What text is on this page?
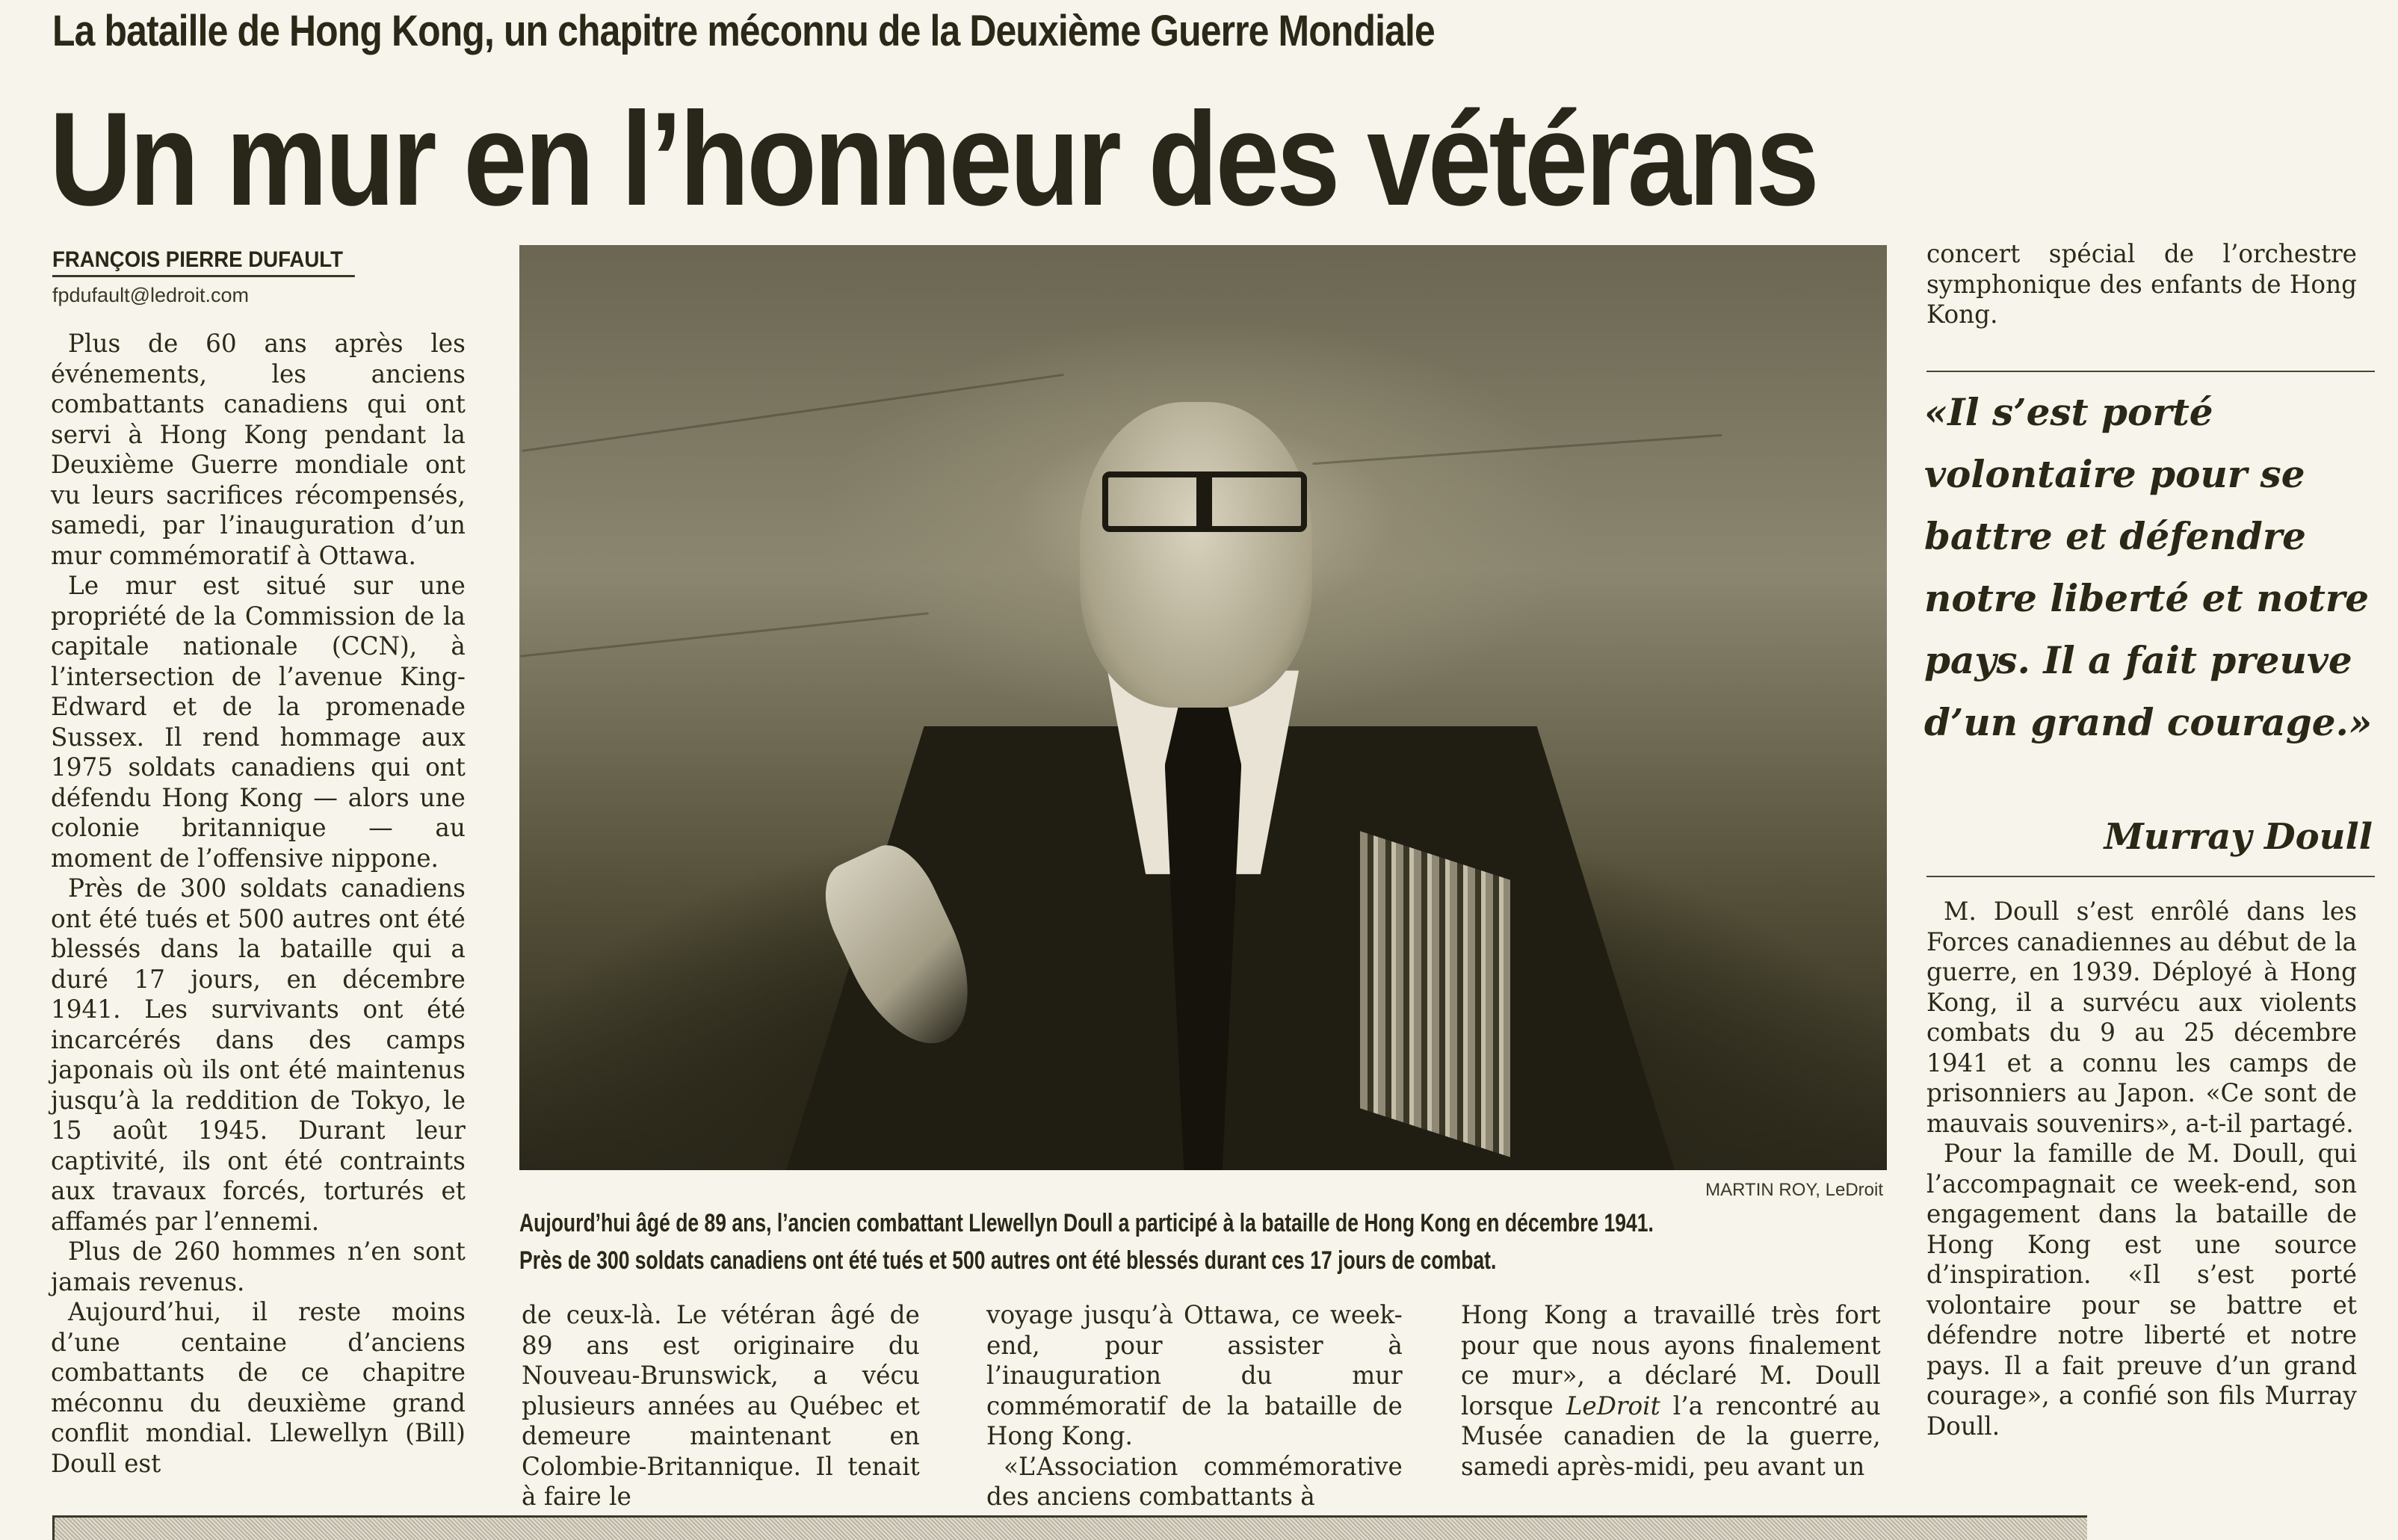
La bataille de Hong Kong, un chapitre méconnu de la Deuxième Guerre Mondiale
Un mur en l’honneur des vétérans
FRANÇOIS PIERRE DUFAULT
fpdufault@ledroit.com

Plus de 60 ans après les événements, les anciens combattants canadiens qui ont servi à Hong Kong pendant la Deuxième Guerre mondiale ont vu leurs sacrifices récompensés, samedi, par l’inauguration d’un mur commémoratif à Ottawa.

Le mur est situé sur une propriété de la Commission de la capitale nationale (CCN), à l’intersection de l’avenue King-Edward et de la promenade Sussex. Il rend hommage aux 1975 soldats canadiens qui ont défendu Hong Kong — alors une colonie britannique — au moment de l’offensive nippone.

Près de 300 soldats canadiens ont été tués et 500 autres ont été blessés dans la bataille qui a duré 17 jours, en décembre 1941. Les survivants ont été incarcérés dans des camps japonais où ils ont été maintenus jusqu’à la reddition de Tokyo, le 15 août 1945. Durant leur captivité, ils ont été contraints aux travaux forcés, torturés et affamés par l’ennemi.

Plus de 260 hommes n’en sont jamais revenus.

Aujourd’hui, il reste moins d’une centaine d’anciens combattants de ce chapitre méconnu du deuxième grand conflit mondial. Llewellyn (Bill) Doull est

MARTIN ROY, LeDroit
Aujourd’hui âgé de 89 ans, l’ancien combattant Llewellyn Doull a participé à la bataille de Hong Kong en décembre 1941. Près de 300 soldats canadiens ont été tués et 500 autres ont été blessés durant ces 17 jours de combat.

de ceux-là. Le vétéran âgé de 89 ans est originaire du Nouveau-Brunswick, a vécu plusieurs années au Québec et demeure maintenant en Colombie-Britannique. Il tenait à faire le

voyage jusqu’à Ottawa, ce week-end, pour assister à l’inauguration du mur commémoratif de la bataille de Hong Kong.

«L’Association commémorative des anciens combattants à

Hong Kong a travaillé très fort pour que nous ayons finalement ce mur», a déclaré M. Doull lorsque LeDroit l’a rencontré au Musée canadien de la guerre, samedi après-midi, peu avant un

concert spécial de l’orchestre symphonique des enfants de Hong Kong.

«Il s’est porté volontaire pour se battre et défendre notre liberté et notre pays. Il a fait preuve d’un grand courage.»
Murray Doull

M. Doull s’est enrôlé dans les Forces canadiennes au début de la guerre, en 1939. Déployé à Hong Kong, il a survécu aux violents combats du 9 au 25 décembre 1941 et a connu les camps de prisonniers au Japon. «Ce sont de mauvais souvenirs», a-t-il partagé.

Pour la famille de M. Doull, qui l’accompagnait ce week-end, son engagement dans la bataille de Hong Kong est une source d’inspiration. «Il s’est porté volontaire pour se battre et défendre notre liberté et notre pays. Il a fait preuve d’un grand courage», a confié son fils Murray Doull.
